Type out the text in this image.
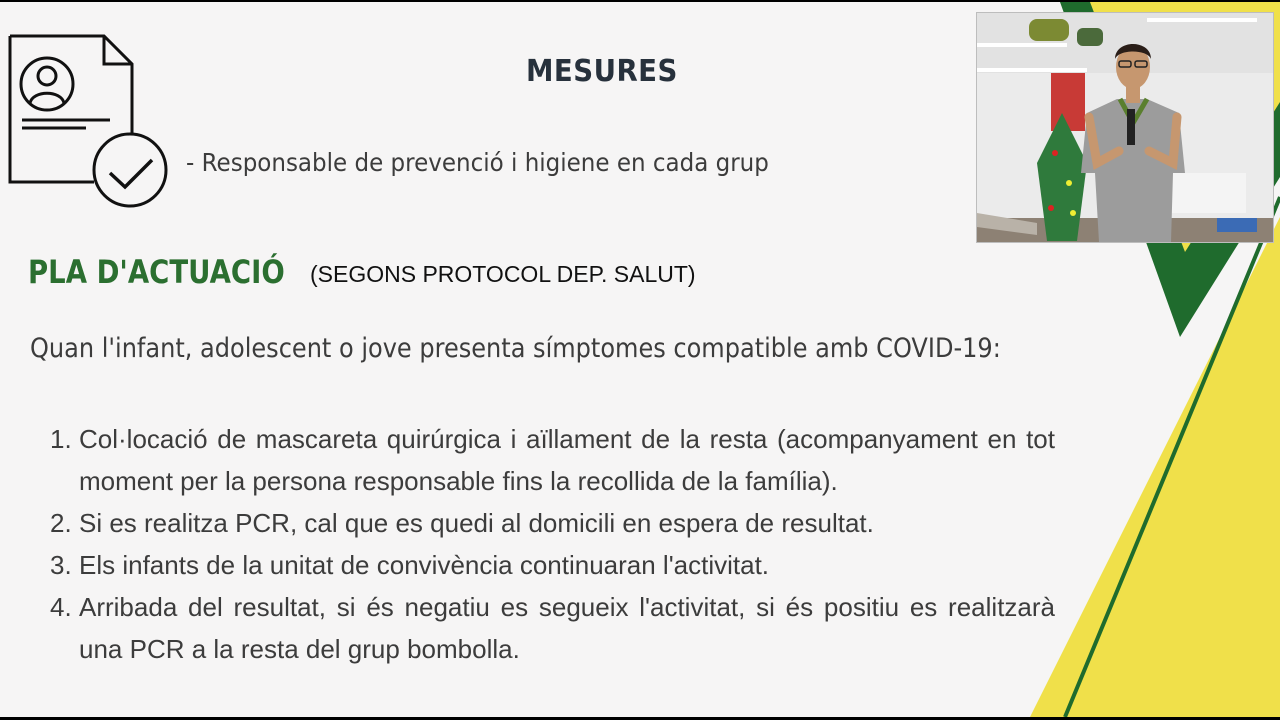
MESURES
- Responsable de prevenció i higiene en cada grup
PLA D'ACTUACIÓ (SEGONS PROTOCOL DEP. SALUT)
Quan l'infant, adolescent o jove presenta símptomes compatible amb COVID-19:
1. Col·locació de mascareta quirúrgica i aïllament de la resta (acompanyament en tot moment per la persona responsable fins la recollida de la família).
2. Si es realitza PCR, cal que es quedi al domicili en espera de resultat.
3. Els infants de la unitat de convivència continuaran l'activitat.
4. Arribada del resultat, si és negatiu es segueix l'activitat, si és positiu es realitzarà una PCR a la resta del grup bombolla.
